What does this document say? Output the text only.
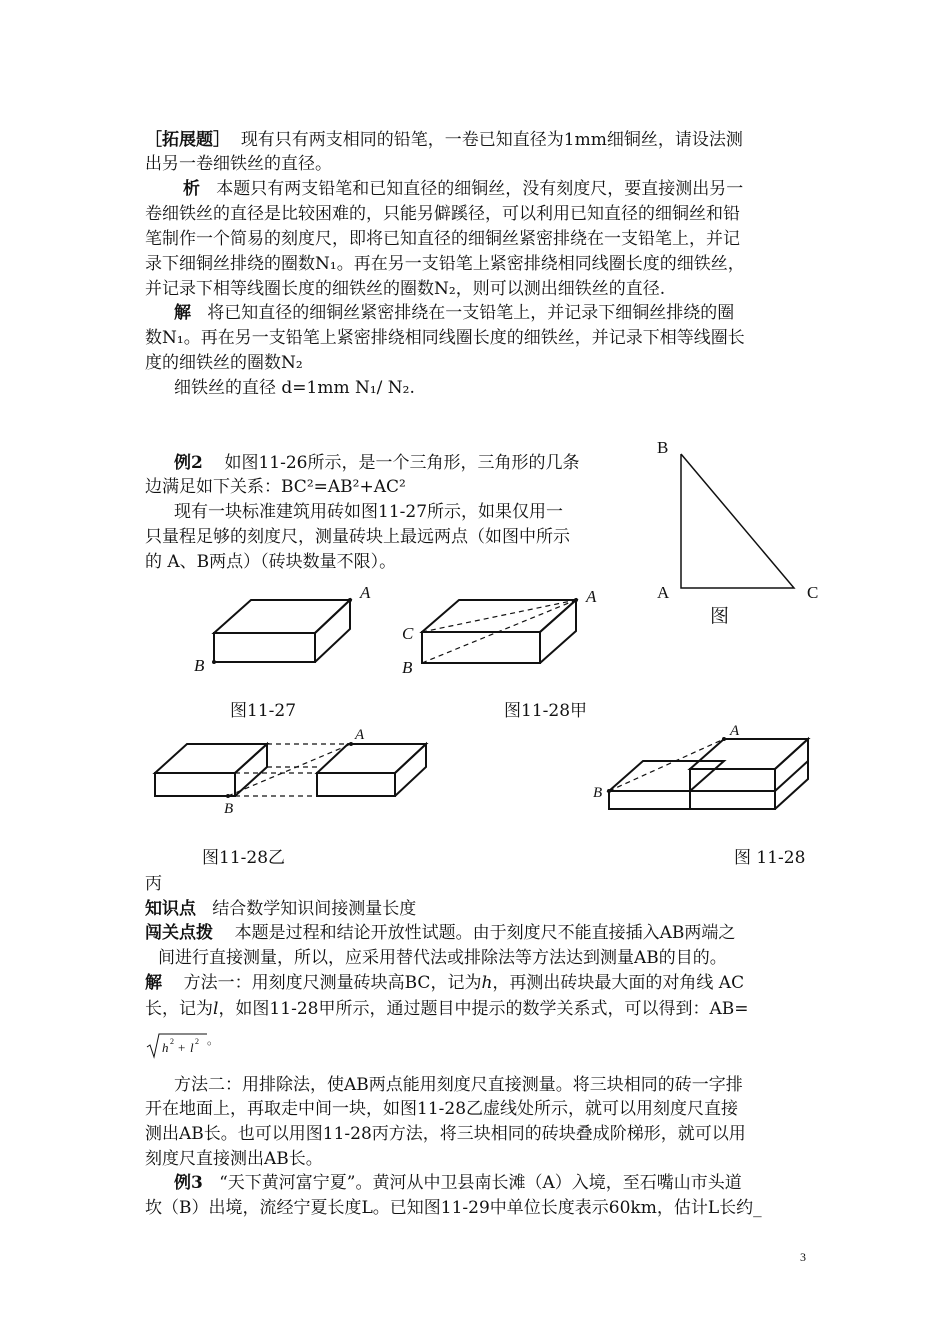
［拓展题］ 现有只有两支相同的铅笔，一卷已知直径为1mm细铜丝，请设法测
出另一卷细铁丝的直径。
析 本题只有两支铅笔和已知直径的细铜丝，没有刻度尺，要直接测出另一
卷细铁丝的直径是比较困难的，只能另僻蹊径，可以利用已知直径的细铜丝和铅
笔制作一个简易的刻度尺，即将已知直径的细铜丝紧密排绕在一支铅笔上，并记
录下细铜丝排绕的圈数N₁。再在另一支铅笔上紧密排绕相同线圈长度的细铁丝，
并记录下相等线圈长度的细铁丝的圈数N₂，则可以测出细铁丝的直径.
解 将已知直径的细铜丝紧密排绕在一支铅笔上，并记录下细铜丝排绕的圈
数N₁。再在另一支铅笔上紧密排绕相同线圈长度的细铁丝，并记录下相等线圈长
度的细铁丝的圈数N₂
细铁丝的直径 d=1mm N₁/ N₂.
例2 如图11-26所示，是一个三角形，三角形的几条
边满足如下关系：BC²=AB²+AC²
现有一块标准建筑用砖如图11-27所示，如果仅用一
只量程足够的刻度尺，测量砖块上最远两点（如图中所示
的 A、B两点）（砖块数量不限）。
B
A	C
图
A
B
图11-27
A
C
B
图11-28甲
A
B
图11-28乙
A
B
图 11-28
丙
知识点 结合数学知识间接测量长度
闯关点拨 本题是过程和结论开放性试题。由于刻度尺不能直接插入AB两端之
间进行直接测量，所以，应采用替代法或排除法等方法达到测量AB的目的。
解 方法一：用刻度尺测量砖块高BC，记为h，再测出砖块最大面的对角线 AC
长，记为l，如图11-28甲所示，通过题目中提示的数学关系式，可以得到：AB=
h 2 + l 2 。
方法二：用排除法，使AB两点能用刻度尺直接测量。将三块相同的砖一字排
开在地面上，再取走中间一块，如图11-28乙虚线处所示，就可以用刻度尺直接
测出AB长。也可以用图11-28丙方法，将三块相同的砖块叠成阶梯形，就可以用
刻度尺直接测出AB长。
例3 “天下黄河富宁夏”。黄河从中卫县南长滩（A）入境，至石嘴山市头道
坎（B）出境，流经宁夏长度L。已知图11-29中单位长度表示60km，估计L长约_
3
